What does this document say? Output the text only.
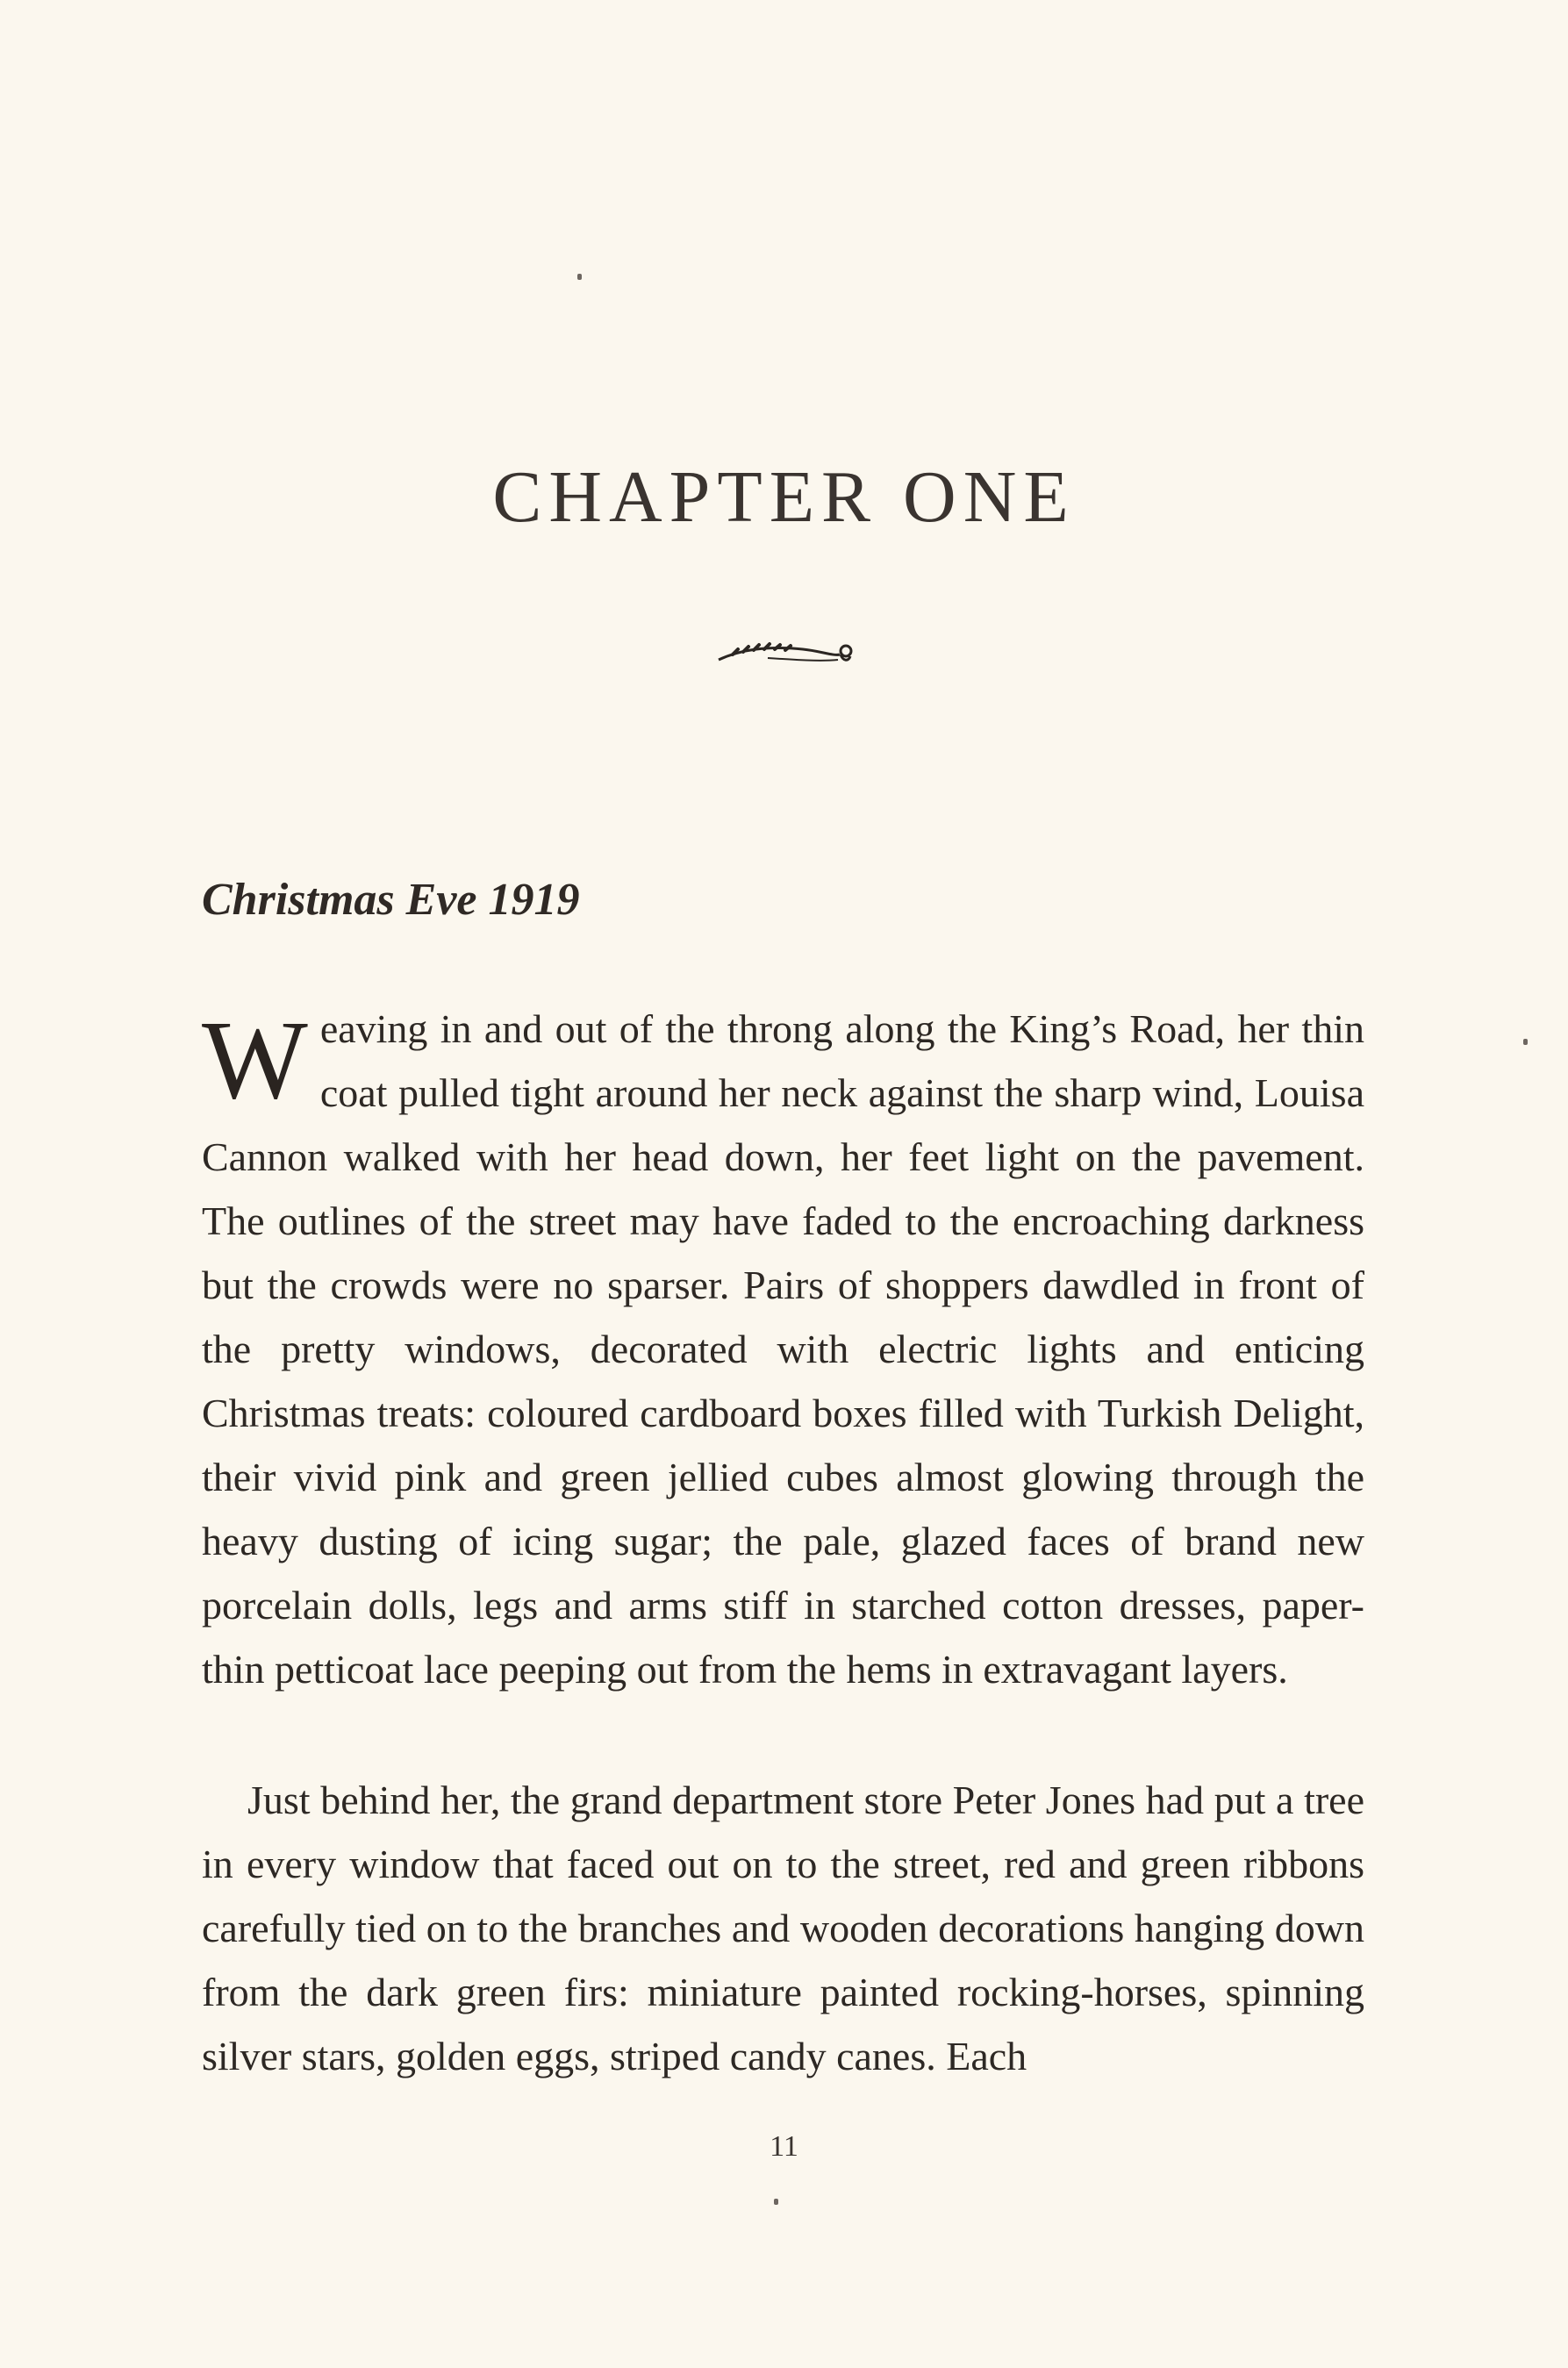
CHAPTER ONE
Christmas Eve 1919

Weaving in and out of the throng along the King’s Road, her thin coat pulled tight around her neck against the sharp wind, Louisa Cannon walked with her head down, her feet light on the pavement. The outlines of the street may have faded to the encroaching darkness but the crowds were no sparser. Pairs of shoppers dawdled in front of the pretty windows, decorated with electric lights and enticing Christmas treats: coloured cardboard boxes filled with Turkish Delight, their vivid pink and green jellied cubes almost glowing through the heavy dusting of icing sugar; the pale, glazed faces of brand new porcelain dolls, legs and arms stiff in starched cotton dresses, paper-thin petticoat lace peeping out from the hems in extravagant layers.

Just behind her, the grand department store Peter Jones had put a tree in every window that faced out on to the street, red and green ribbons carefully tied on to the branches and wooden decorations hanging down from the dark green firs: miniature painted rocking-horses, spinning silver stars, golden eggs, striped candy canes. Each

11
